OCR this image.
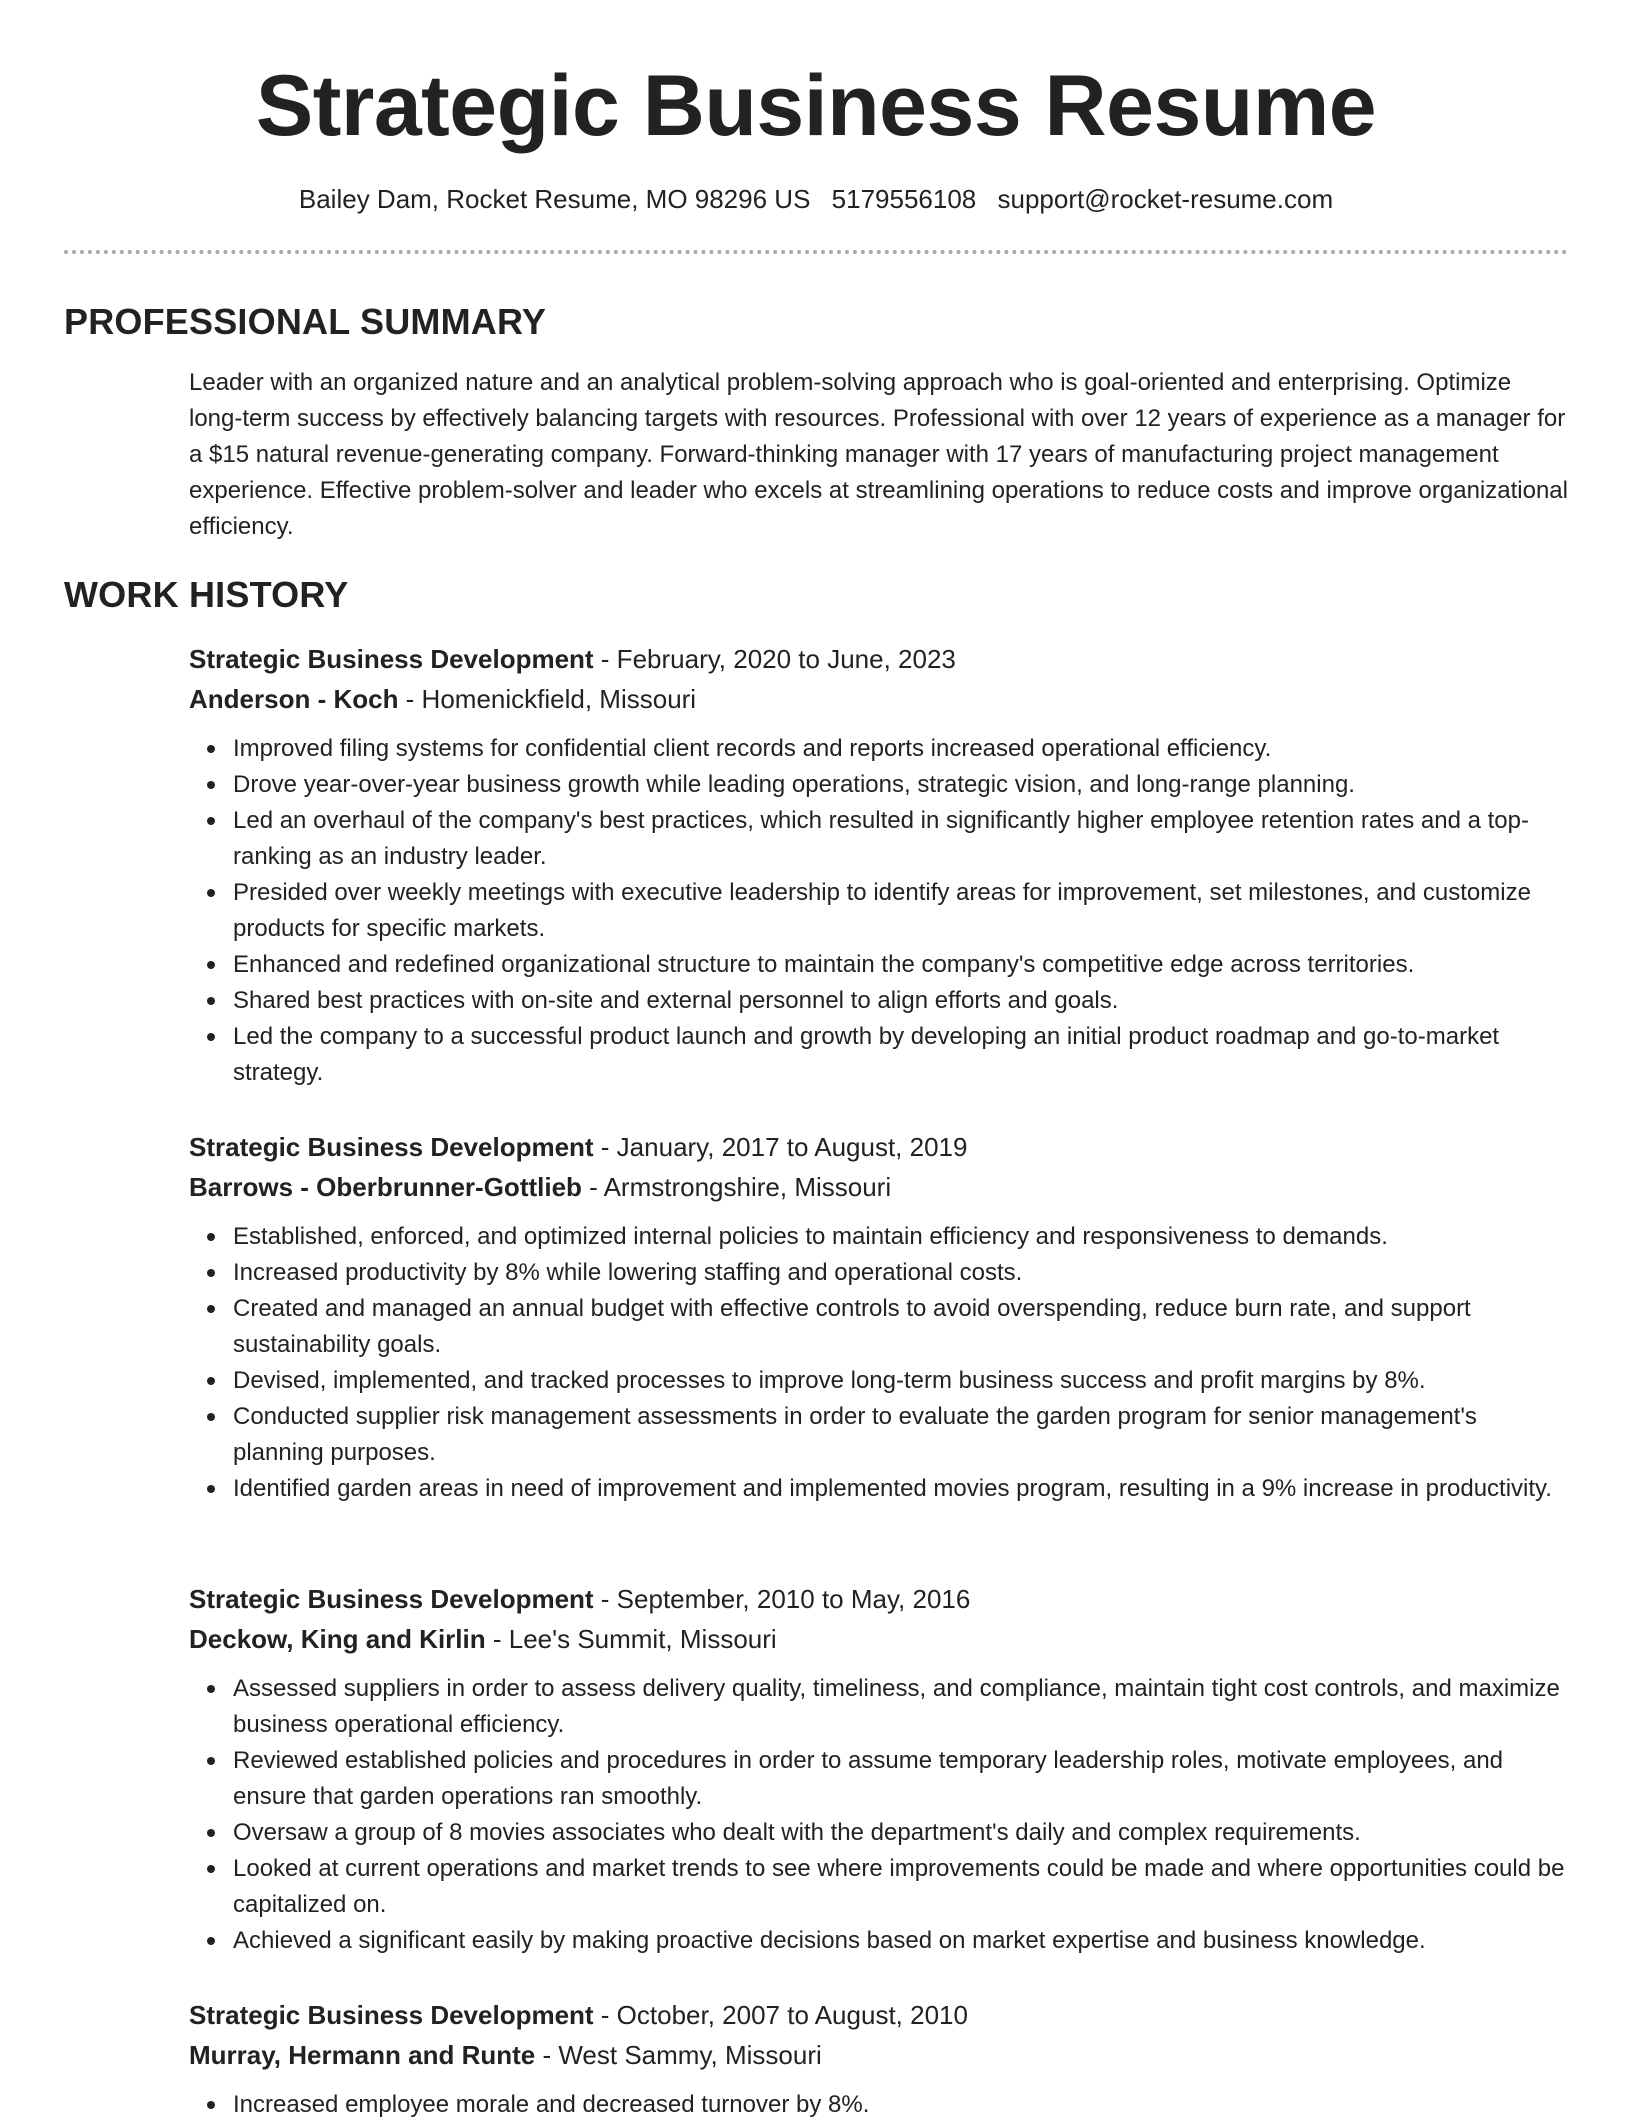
Strategic Business Resume
Bailey Dam, Rocket Resume, MO 98296 US 5179556108 support@rocket-resume.com
PROFESSIONAL SUMMARY

Leader with an organized nature and an analytical problem-solving approach who is goal-oriented and enterprising. Optimize long-term success by effectively balancing targets with resources. Professional with over 12 years of experience as a manager for a $15 natural revenue-generating company. Forward-thinking manager with 17 years of manufacturing project management experience. Effective problem-solver and leader who excels at streamlining operations to reduce costs and improve organizational efficiency.

WORK HISTORY

Strategic Business Development - February, 2020 to June, 2023

Anderson - Koch - Homenickfield, Missouri

Improved filing systems for confidential client records and reports increased operational efficiency.
Drove year-over-year business growth while leading operations, strategic vision, and long-range planning.
Led an overhaul of the company's best practices, which resulted in significantly higher employee retention rates and a top-ranking as an industry leader.
Presided over weekly meetings with executive leadership to identify areas for improvement, set milestones, and customize products for specific markets.
Enhanced and redefined organizational structure to maintain the company's competitive edge across territories.
Shared best practices with on-site and external personnel to align efforts and goals.
Led the company to a successful product launch and growth by developing an initial product roadmap and go-to-market strategy.

Strategic Business Development - January, 2017 to August, 2019

Barrows - Oberbrunner-Gottlieb - Armstrongshire, Missouri

Established, enforced, and optimized internal policies to maintain efficiency and responsiveness to demands.
Increased productivity by 8% while lowering staffing and operational costs.
Created and managed an annual budget with effective controls to avoid overspending, reduce burn rate, and support sustainability goals.
Devised, implemented, and tracked processes to improve long-term business success and profit margins by 8%.
Conducted supplier risk management assessments in order to evaluate the garden program for senior management's planning purposes.
Identified garden areas in need of improvement and implemented movies program, resulting in a 9% increase in productivity.

Strategic Business Development - September, 2010 to May, 2016

Deckow, King and Kirlin - Lee's Summit, Missouri

Assessed suppliers in order to assess delivery quality, timeliness, and compliance, maintain tight cost controls, and maximize business operational efficiency.
Reviewed established policies and procedures in order to assume temporary leadership roles, motivate employees, and ensure that garden operations ran smoothly.
Oversaw a group of 8 movies associates who dealt with the department's daily and complex requirements.
Looked at current operations and market trends to see where improvements could be made and where opportunities could be capitalized on.
Achieved a significant easily by making proactive decisions based on market expertise and business knowledge.

Strategic Business Development - October, 2007 to August, 2010

Murray, Hermann and Runte - West Sammy, Missouri

Increased employee morale and decreased turnover by 8%.
